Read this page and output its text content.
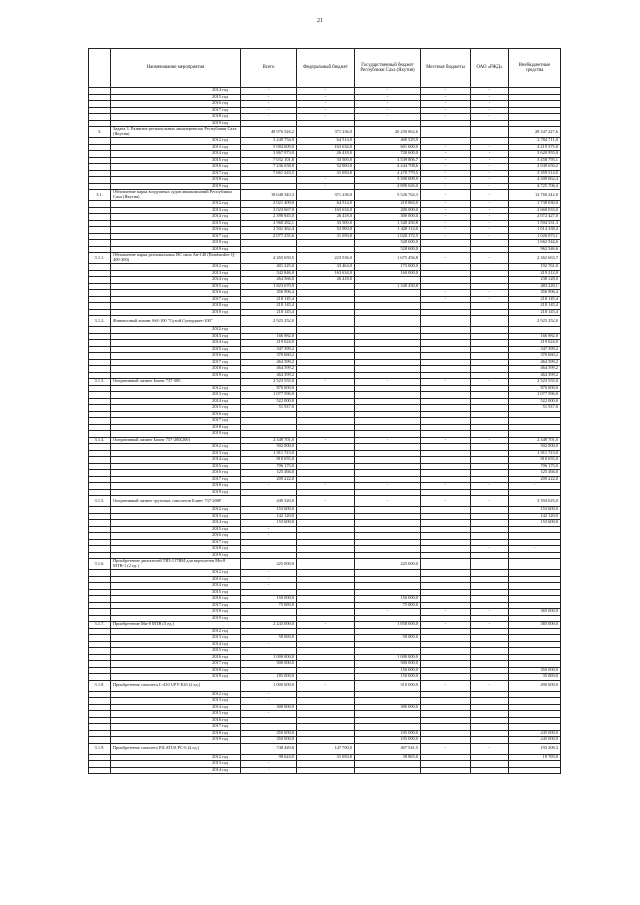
21
	Наименование мероприятия	Всего	Федеральный бюджет	Государственный бюджет Республики Саха (Якутия)	Местные бюджеты	ОАО «РЖД»	Внебюджетные средства
	2014 год	-	-	-	-	-	
	2015 год	-	-	-	-	-	
	2016 год	-	-	-	-	-	
	2017 год	-	-	-	-	-	
	2018 год	-	-	-	-	-	
	2019 год						
3.	Задача 3. Развитие региональных авиаперевозок Республики Саха (Якутия)	48 976 526,2	371 236,0	20 258 062,6			28 347 227,6
	2012 год	3 249 754,9	64 514,0	400 529,9			2 784 711,0
	2013 год	5 084 609,0	163 634,0	601 600,0	-	-	4 219 375,0
	2014 год	3 867 973,0	26 418,0	720 600,0	-	-	3 620 955,0
	2015 год	7 032 101,8	33 500,0	3 539 806,7	-	-	3 458 795,1
	2016 год	7 236 658,8	52 000,0	4 244 708,6	-	-	2 949 650,2
	2017 год	7 661 243,5	31 050,0	4 270 779,5	-	-	3 359 514,0
	2018 год		-	3 390 009,9	-	-	4 309 062,4
	2019 год		-	4 890 026,0	-	-	4 725 706,4
3.1.	Обновление парка воздушных судов авиакомпаний Республики Саха (Якутия)	18 648 340,3	371 236,0	5 526 762,3	-	-	12 760 242,0
	2012 год	2 021 409,0	64 514,0	218 865,0	-	-	1 738 030,0
	2013 год	3 023 667,0	163 634,0	200 000,0	-	-	2 660 033,0
	2014 год	2 398 845,0	26 418,0	300 000,0	-	-	2 072 427,0
	2015 год	2 968 282,1	33 500,0	1 340 450,8	-	-	1 594 331,3
	2016 год	2 502 462,4	52 000,0	1 428 114,0	-	-	1 014 238,4
	2017 год	2 077 255,6	31 050,0	1 020 172,5	-	-	1 026 073,1
	2018 год			528 600,0			1 662 544,6
	2019 год			528 600,0			962 546,6
3.1.1.	Обновление парка региональных ВС типа Ан-140 (Bombardier Q-400-300)	4 265 650,5	223 536,0	1 675 456,8	-	-	2 362 663,7
	2012 год	401 225,0	33 464,0	175 000,0			192 761,0
	2013 год	542 846,0	163 634,0	160 000,0			219 212,0
	2014 год	264 566,0	26 418,0				238 128,0
	2015 год	1 823 670,9		1 340 450,8			483 220,1
	2016 год	456 906,4			-	-	456 906,4
	2017 год	218 145,4			-	-	218 145,4
	2018 год	218 145,4					218 145,4
	2019 год	218 145,4					218 145,4
3.1.2.	Финансовый лизинг SSJ-100 "Сухой Суперджет-100"	2 925 252,0					2 925 252,0
	2012 год						
	2013 год	166 982,0					166 982,0
	2014 год	219 024,0					219 024,0
	2015 год	347 399,2					347 399,2
	2016 год	376 660,2					376 660,2
	2017 год	464 399,2					464 399,2
	2018 год	464 399,2					464 399,2
	2019 год	464 399,2					464 399,2
3.1.3.	Оперативный лизинг Боинг 737-300	2 523 555,0	-	-	-	-	2 523 555,0
	2012 год	870 000,0					870 000,0
	2013 год	1 077 596,0					1 077 596,0
	2014 год	522 000,0					522 000,0
	2015 год	51 537,0					51 537,0
	2016 год						
	2017 год						
	2018 год						
	2019 год						
3.1.4.	Оперативный лизинг Боинг 757-200(200)	2 349 701,0	-	-	-	-	2 349 701,0
	2012 год	502 000,0					502 000,0
	2013 год	1 011 723,0					1 011 723,0
	2014 год	810 655,0					810 655,0
	2015 год	706 175,0					706 175,0
	2016 год	125 466,0					125 466,0
	2017 год	209 222,0					209 222,0
	2018 год	-	-	-	-	-	-
	2019 год						
3.1.5.	Оперативный лизинг грузовых самолетов Боинг 737-200F	449 320,0	-	-	-	-	3 394 025,0
	2012 год	153 600,0					153 600,0
	2013 год	142 120,0					142 120,0
	2014 год	153 600,0					153 600,0
	2015 год	-					
	2016 год	-					
	2017 год						
	2018 год					-	-
	2019 год						
3.1.6.	Приобретение двигателей ТВ3-117ВМ для вертолетов Ми-8 МТВ-1 (2 ед.)	225 000,0		225 000,0			
	2012 год	-					
	2013 год	-					
	2014 год	-					
	2015 год						
	2016 год	150 000,0		150 000,0			
	2017 год	75 000,0		75 000,0			
	2018 год			-	-	-	365 000,0
	2019 год						
3.1.7.	Приобретение Ми-8 МТВ (3 ед.)	2 243 000,0	-	1 858 000,0	-	-	385 000,0
	2012 год						
	2013 год	58 000,0		58 000,0			
	2014 год	-					
	2015 год						
	2016 год	1 000 000,0		1 000 000,0			
	2017 год	500 000,0		500 000,0			
	2018 год			150 000,0			350 000,0
	2019 год	185 000,0		150 000,0			35 000,0
3.1.8.	Приобретение самолета L-410 UPV-E20 (2 ед.)	1 000 000,0	-	510 000,0	-	-	490 000,0
	2012 год	-					
	2013 год	-					
	2014 год	300 000,0		300 000,0			
	2015 год	-					
	2016 год						
	2017 год						
	2018 год	350 000,0		105 000,0			245 000,0
	2019 год	350 000,0		105 000,0			245 000,0
3.1.9.	Приобретение самолета PILATUS PC-6 (4 ед.)	748 449,8	147 700,0	407 541,5	-	-	193 208,3
	2012 год	98 624,0	31 050,0	39 865,0			19 709,0
	2013 год	-					
	2014 год	-					
